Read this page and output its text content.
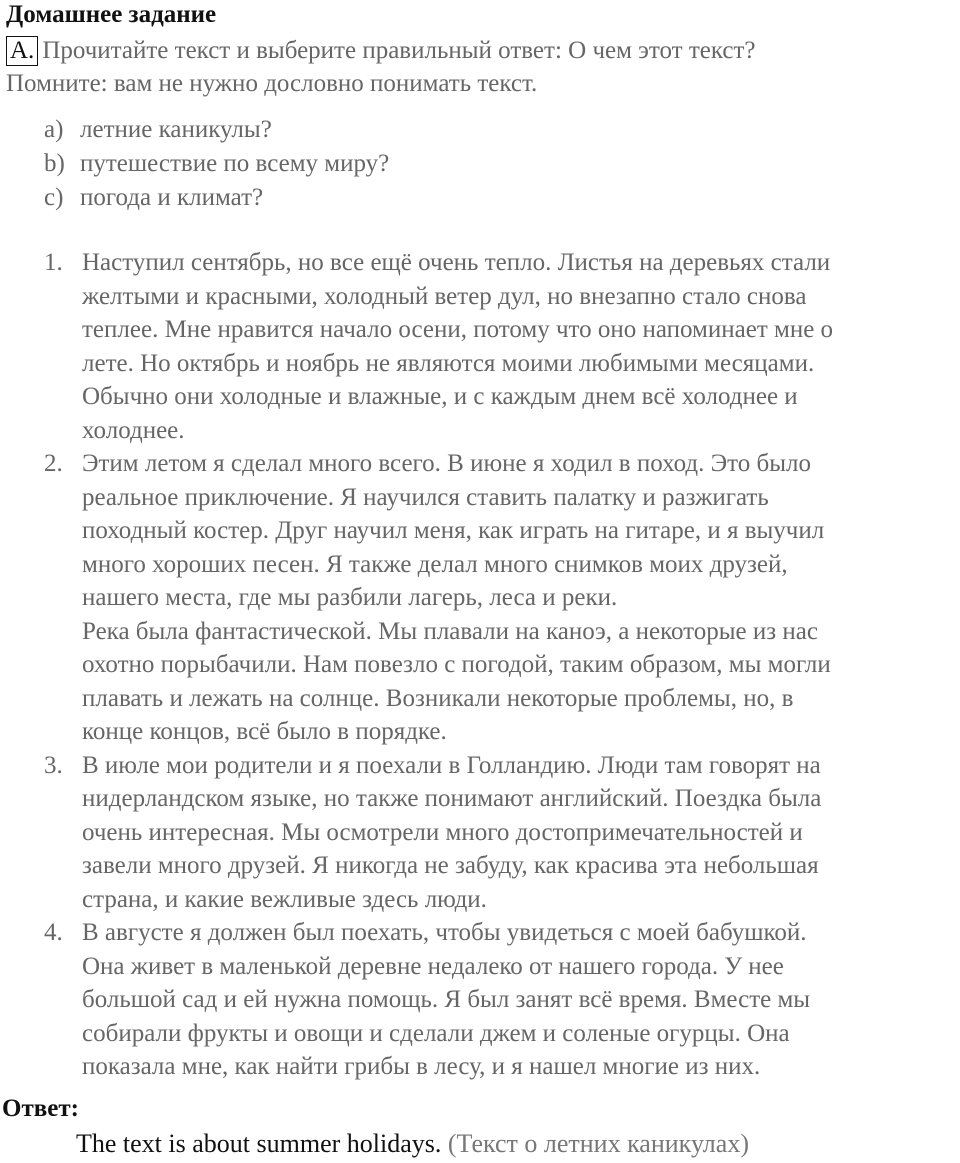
Домашнее задание
A. Прочитайте текст и выберите правильный ответ: О чем этот текст?
Помните: вам не нужно дословно понимать текст.
a) летние каникулы?
b) путешествие по всему миру?
c) погода и климат?
1. Наступил сентябрь, но все ещё очень тепло. Листья на деревьях стали
желтыми и красными, холодный ветер дул, но внезапно стало снова
теплее. Мне нравится начало осени, потому что оно напоминает мне о
лете. Но октябрь и ноябрь не являются моими любимыми месяцами.
Обычно они холодные и влажные, и с каждым днем всё холоднее и
холоднее.
2. Этим летом я сделал много всего. В июне я ходил в поход. Это было
реальное приключение. Я научился ставить палатку и разжигать
походный костер. Друг научил меня, как играть на гитаре, и я выучил
много хороших песен. Я также делал много снимков моих друзей,
нашего места, где мы разбили лагерь, леса и реки.
Река была фантастической. Мы плавали на каноэ, а некоторые из нас
охотно порыбачили. Нам повезло с погодой, таким образом, мы могли
плавать и лежать на солнце. Возникали некоторые проблемы, но, в
конце концов, всё было в порядке.
3. В июле мои родители и я поехали в Голландию. Люди там говорят на
нидерландском языке, но также понимают английский. Поездка была
очень интересная. Мы осмотрели много достопримечательностей и
завели много друзей. Я никогда не забуду, как красива эта небольшая
страна, и какие вежливые здесь люди.
4. В августе я должен был поехать, чтобы увидеться с моей бабушкой.
Она живет в маленькой деревне недалеко от нашего города. У нее
большой сад и ей нужна помощь. Я был занят всё время. Вместе мы
собирали фрукты и овощи и сделали джем и соленые огурцы. Она
показала мне, как найти грибы в лесу, и я нашел многие из них.
Ответ:
The text is about summer holidays. (Текст о летних каникулах)
